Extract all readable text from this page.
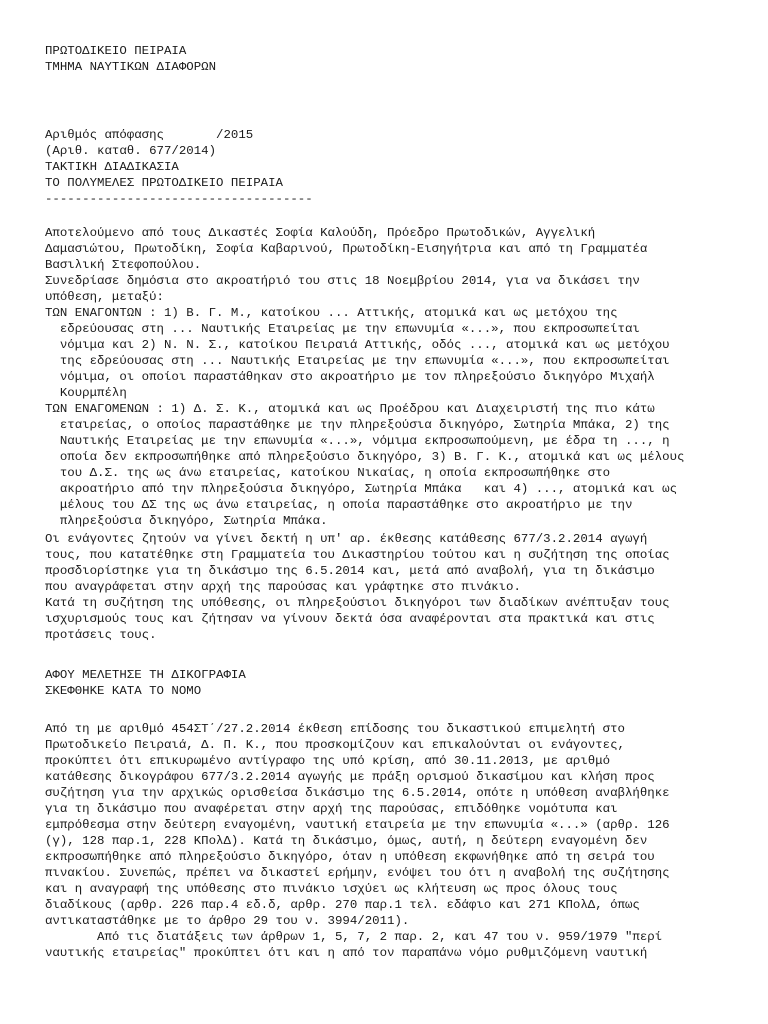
ΠΡΩΤΟΔΙΚΕΙΟ ΠΕΙΡΑΙΑ
ΤΜΗΜΑ ΝΑΥΤΙΚΩΝ ΔΙΑΦΟΡΩΝ
Αριθμός απόφασης       /2015
(Αριθ. καταθ. 677/2014)
ΤΑΚΤΙΚΗ ΔΙΑΔΙΚΑΣΙΑ
ΤΟ ΠΟΛΥΜΕΛΕΣ ΠΡΩΤΟΔΙΚΕΙΟ ΠΕΙΡΑΙΑ
------------------------------------
Αποτελούμενο από τους Δικαστές Σοφία Καλούδη, Πρόεδρο Πρωτοδικών, Αγγελική
Δαμασιώτου, Πρωτοδίκη, Σοφία Καβαρινού, Πρωτοδίκη-Εισηγήτρια και από τη Γραμματέα
Βασιλική Στεφοπούλου.
Συνεδρίασε δημόσια στο ακροατήριό του στις 18 Νοεμβρίου 2014, για να δικάσει την
υπόθεση, μεταξύ:
ΤΩΝ ΕΝΑΓΟΝΤΩΝ : 1) Β. Γ. Μ., κατοίκου ... Αττικής, ατομικά και ως μετόχου της
εδρεύουσας στη ... Ναυτικής Εταιρείας με την επωνυμία «...», που εκπροσωπείται
νόμιμα και 2) Ν. Ν. Σ., κατοίκου Πειραιά Αττικής, οδός ..., ατομικά και ως μετόχου
της εδρεύουσας στη ... Ναυτικής Εταιρείας με την επωνυμία «...», που εκπροσωπείται
νόμιμα, οι οποίοι παραστάθηκαν στο ακροατήριο με τον πληρεξούσιο δικηγόρο Μιχαήλ
Κουρμπέλη
ΤΩΝ ΕΝΑΓΟΜΕΝΩΝ : 1) Δ. Σ. Κ., ατομικά και ως Προέδρου και Διαχειριστή της πιο κάτω
εταιρείας, ο οποίος παραστάθηκε με την πληρεξούσια δικηγόρο, Σωτηρία Μπάκα, 2) της
Ναυτικής Εταιρείας με την επωνυμία «...», νόμιμα εκπροσωπούμενη, με έδρα τη ..., η
οποία δεν εκπροσωπήθηκε από πληρεξούσιο δικηγόρο, 3) Β. Γ. Κ., ατομικά και ως μέλους
του Δ.Σ. της ως άνω εταιρείας, κατοίκου Νικαίας, η οποία εκπροσωπήθηκε στο
ακροατήριο από την πληρεξούσια δικηγόρο, Σωτηρία Μπάκα   και 4) ..., ατομικά και ως
μέλους του ΔΣ της ως άνω εταιρείας, η οποία παραστάθηκε στο ακροατήριο με την
πληρεξούσια δικηγόρο, Σωτηρία Μπάκα.
Οι ενάγοντες ζητούν να γίνει δεκτή η υπ' αρ. έκθεσης κατάθεσης 677/3.2.2014 αγωγή
τους, που κατατέθηκε στη Γραμματεία του Δικαστηρίου τούτου και η συζήτηση της οποίας
προσδιορίστηκε για τη δικάσιμο της 6.5.2014 και, μετά από αναβολή, για τη δικάσιμο
που αναγράφεται στην αρχή της παρούσας και γράφτηκε στο πινάκιο.
Κατά τη συζήτηση της υπόθεσης, οι πληρεξούσιοι δικηγόροι των διαδίκων ανέπτυξαν τους
ισχυρισμούς τους και ζήτησαν να γίνουν δεκτά όσα αναφέρονται στα πρακτικά και στις
προτάσεις τους.
ΑΦΟΥ ΜΕΛΕΤΗΣΕ ΤΗ ΔΙΚΟΓΡΑΦΙΑ
ΣΚΕΦΘΗΚΕ ΚΑΤΑ ΤΟ ΝΟΜΟ
Από τη με αριθμό 454ΣΤ΄/27.2.2014 έκθεση επίδοσης του δικαστικού επιμελητή στο
Πρωτοδικείο Πειραιά, Δ. Π. Κ., που προσκομίζουν και επικαλούνται οι ενάγοντες,
προκύπτει ότι επικυρωμένο αντίγραφο της υπό κρίση, από 30.11.2013, με αριθμό
κατάθεσης δικογράφου 677/3.2.2014 αγωγής με πράξη ορισμού δικασίμου και κλήση προς
συζήτηση για την αρχικώς ορισθείσα δικάσιμο της 6.5.2014, οπότε η υπόθεση αναβλήθηκε
για τη δικάσιμο που αναφέρεται στην αρχή της παρούσας, επιδόθηκε νομότυπα και
εμπρόθεσμα στην δεύτερη εναγομένη, ναυτική εταιρεία με την επωνυμία «...» (αρθρ. 126
(γ), 128 παρ.1, 228 ΚΠολΔ). Κατά τη δικάσιμο, όμως, αυτή, η δεύτερη εναγομένη δεν
εκπροσωπήθηκε από πληρεξούσιο δικηγόρο, όταν η υπόθεση εκφωνήθηκε από τη σειρά του
πινακίου. Συνεπώς, πρέπει να δικαστεί ερήμην, ενόψει του ότι η αναβολή της συζήτησης
και η αναγραφή της υπόθεσης στο πινάκιο ισχύει ως κλήτευση ως προς όλους τους
διαδίκους (αρθρ. 226 παρ.4 εδ.δ, αρθρ. 270 παρ.1 τελ. εδάφιο και 271 ΚΠολΔ, όπως
αντικαταστάθηκε με το άρθρο 29 του ν. 3994/2011).
Από τις διατάξεις των άρθρων 1, 5, 7, 2 παρ. 2, και 47 του ν. 959/1979 "περί
ναυτικής εταιρείας" προκύπτει ότι και η από τον παραπάνω νόμο ρυθμιζόμενη ναυτική
